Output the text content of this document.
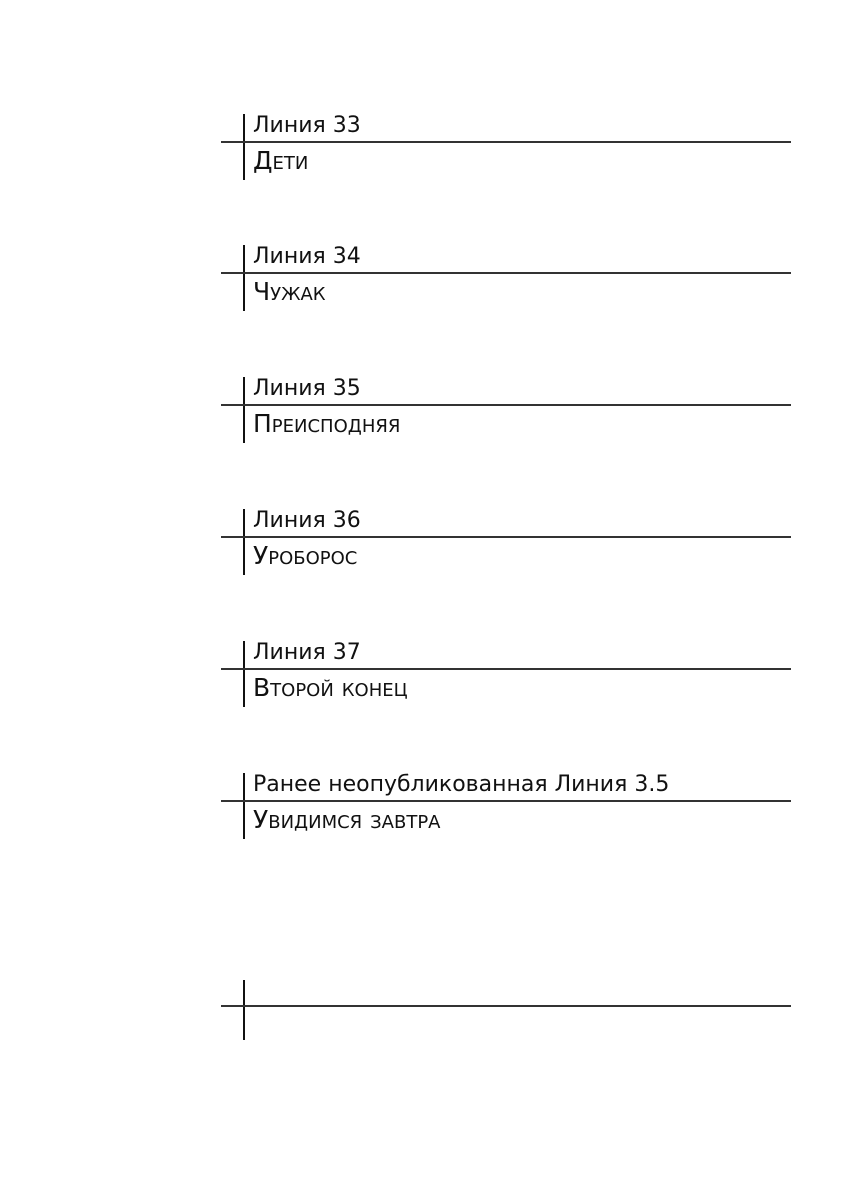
Линия 33
Дети
Линия 34
Чужак
Линия 35
Преисподняя
Линия 36
Уроборос
Линия 37
Второй конец
Ранее неопубликованная Линия 3.5
Увидимся завтра
